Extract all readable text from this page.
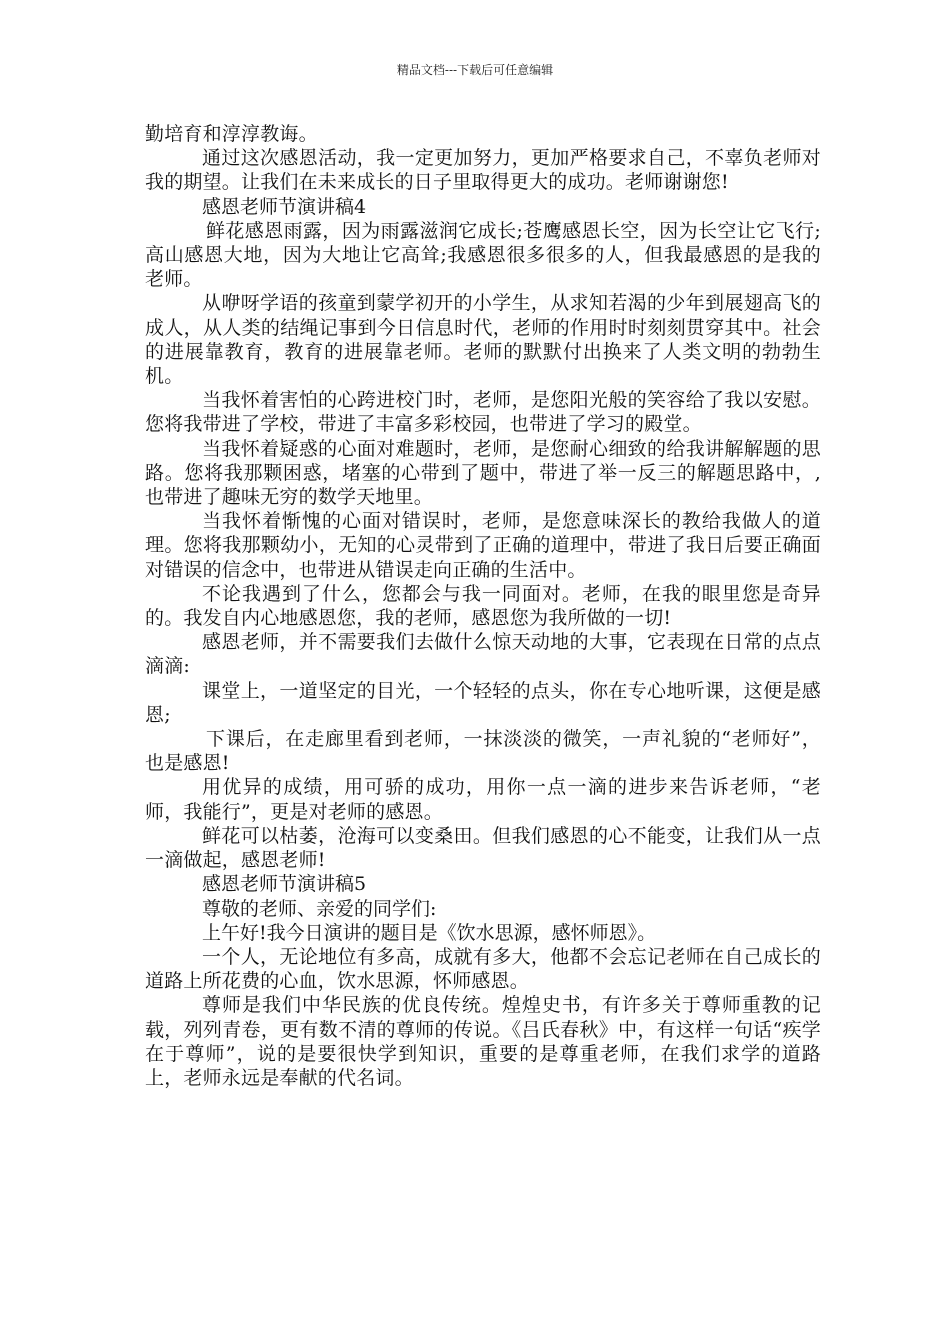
精品文档---下载后可任意编辑

勤培育和淳淳教诲。

通过这次感恩活动，我一定更加努力，更加严格要求自己，不辜负老师对我的期望。让我们在未来成长的日子里取得更大的成功。老师谢谢您!

感恩老师节演讲稿4

鲜花感恩雨露，因为雨露滋润它成长;苍鹰感恩长空，因为长空让它飞行;高山感恩大地，因为大地让它高耸;我感恩很多很多的人，但我最感恩的是我的老师。

从咿呀学语的孩童到蒙学初开的小学生，从求知若渴的少年到展翅高飞的成人，从人类的结绳记事到今日信息时代，老师的作用时时刻刻贯穿其中。社会的进展靠教育，教育的进展靠老师。老师的默默付出换来了人类文明的勃勃生机。

当我怀着害怕的心跨进校门时，老师，是您阳光般的笑容给了我以安慰。您将我带进了学校，带进了丰富多彩校园，也带进了学习的殿堂。

当我怀着疑惑的心面对难题时，老师，是您耐心细致的给我讲解解题的思路。您将我那颗困惑，堵塞的心带到了题中，带进了举一反三的解题思路中，,也带进了趣味无穷的数学天地里。

当我怀着惭愧的心面对错误时，老师，是您意味深长的教给我做人的道理。您将我那颗幼小，无知的心灵带到了正确的道理中，带进了我日后要正确面对错误的信念中，也带进从错误走向正确的生活中。

不论我遇到了什么，您都会与我一同面对。老师，在我的眼里您是奇异的。我发自内心地感恩您，我的老师，感恩您为我所做的一切!

感恩老师，并不需要我们去做什么惊天动地的大事，它表现在日常的点点滴滴:

课堂上，一道坚定的目光，一个轻轻的点头，你在专心地听课，这便是感恩;

下课后，在走廊里看到老师，一抹淡淡的微笑，一声礼貌的“老师好”，也是感恩!

用优异的成绩，用可骄的成功，用你一点一滴的进步来告诉老师，“老师，我能行”，更是对老师的感恩。

鲜花可以枯萎，沧海可以变桑田。但我们感恩的心不能变，让我们从一点一滴做起，感恩老师!

感恩老师节演讲稿5

尊敬的老师、亲爱的同学们:

上午好!我今日演讲的题目是《饮水思源，感怀师恩》。

一个人，无论地位有多高，成就有多大，他都不会忘记老师在自己成长的道路上所花费的心血，饮水思源，怀师感恩。

尊师是我们中华民族的优良传统。煌煌史书，有许多关于尊师重教的记载，列列青卷，更有数不清的尊师的传说。《吕氏春秋》中，有这样一句话“疾学在于尊师”，说的是要很快学到知识，重要的是尊重老师，在我们求学的道路上，老师永远是奉献的代名词。
